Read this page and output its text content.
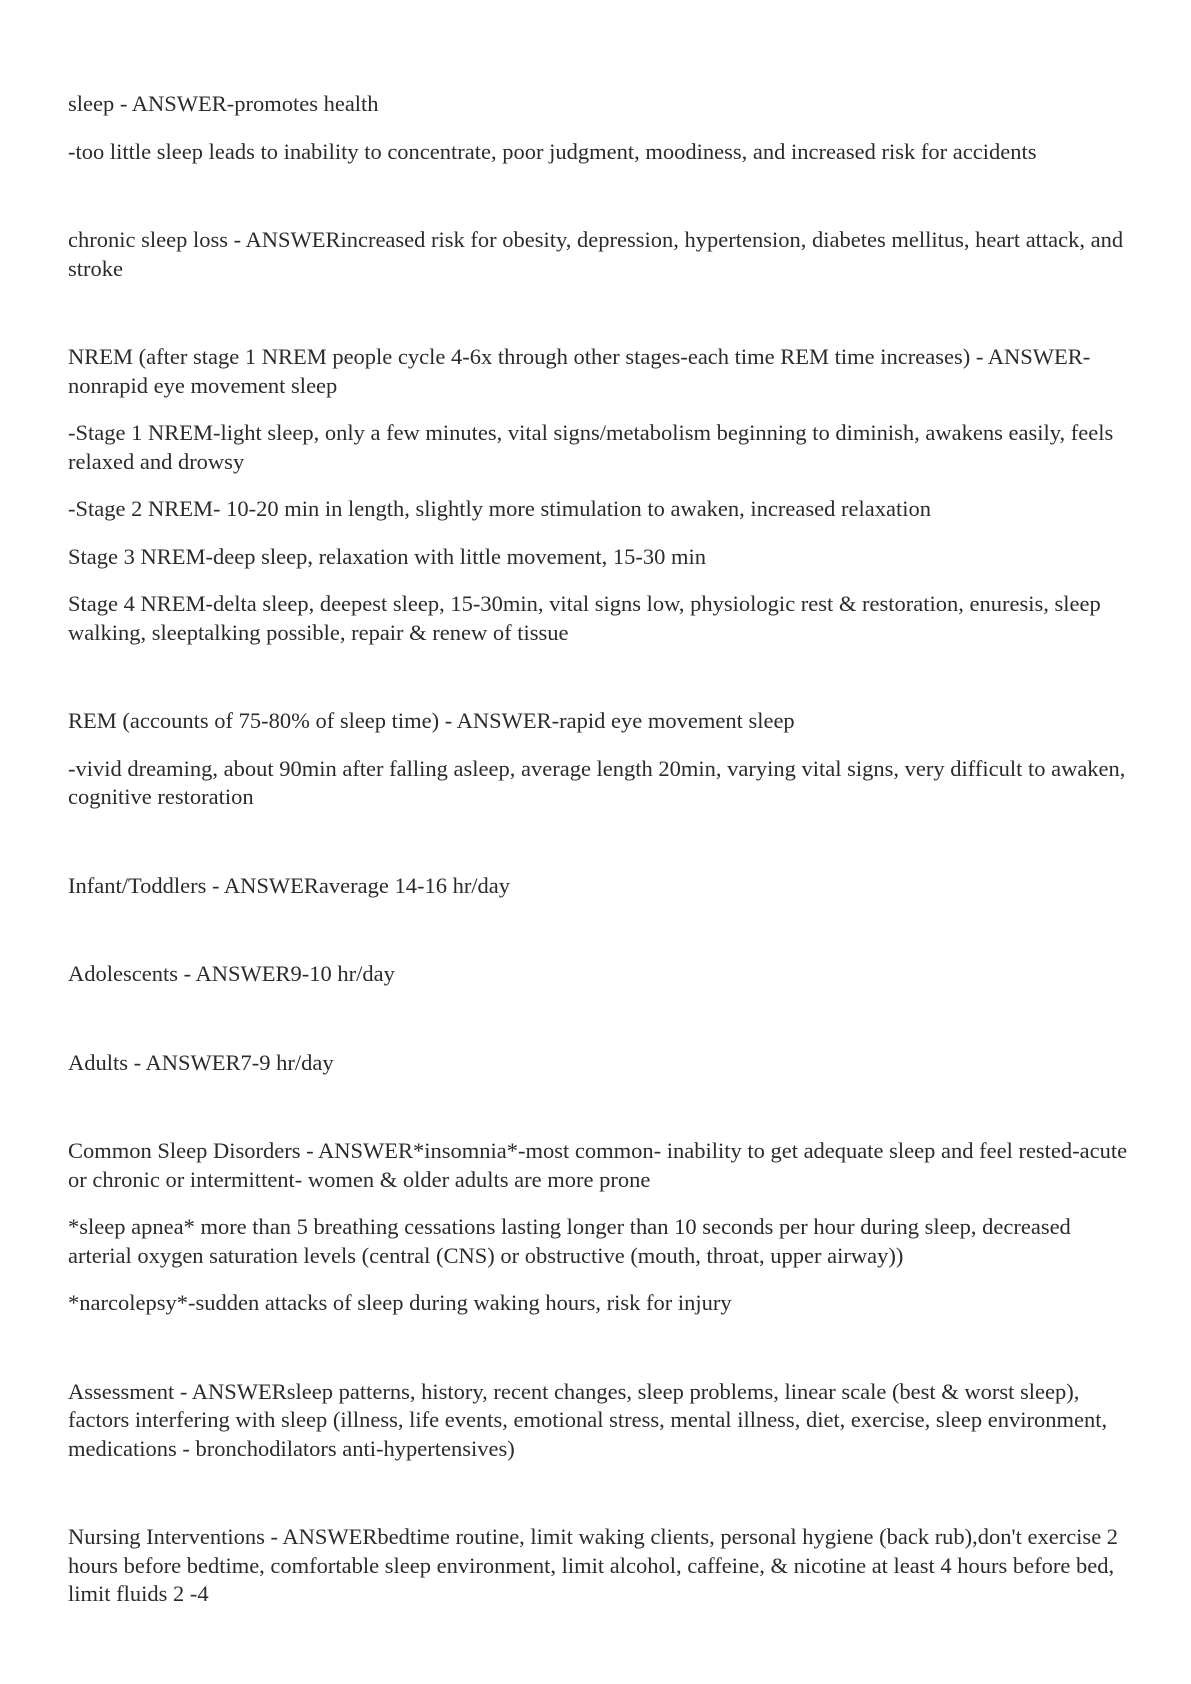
sleep - ANSWER-promotes health

-too little sleep leads to inability to concentrate, poor judgment, moodiness, and increased risk for accidents

chronic sleep loss - ANSWERincreased risk for obesity, depression, hypertension, diabetes mellitus, heart attack, and stroke

NREM (after stage 1 NREM people cycle 4-6x through other stages-each time REM time increases) - ANSWER-nonrapid eye movement sleep

-Stage 1 NREM-light sleep, only a few minutes, vital signs/metabolism beginning to diminish, awakens easily, feels relaxed and drowsy

-Stage 2 NREM- 10-20 min in length, slightly more stimulation to awaken, increased relaxation

Stage 3 NREM-deep sleep, relaxation with little movement, 15-30 min

Stage 4 NREM-delta sleep, deepest sleep, 15-30min, vital signs low, physiologic rest & restoration, enuresis, sleep walking, sleeptalking possible, repair & renew of tissue

REM (accounts of 75-80% of sleep time) - ANSWER-rapid eye movement sleep

-vivid dreaming, about 90min after falling asleep, average length 20min, varying vital signs, very difficult to awaken, cognitive restoration

Infant/Toddlers - ANSWERaverage 14-16 hr/day

Adolescents - ANSWER9-10 hr/day

Adults - ANSWER7-9 hr/day

Common Sleep Disorders - ANSWER*insomnia*-most common- inability to get adequate sleep and feel rested-acute or chronic or intermittent- women & older adults are more prone

*sleep apnea* more than 5 breathing cessations lasting longer than 10 seconds per hour during sleep, decreased arterial oxygen saturation levels (central (CNS) or obstructive (mouth, throat, upper airway))

*narcolepsy*-sudden attacks of sleep during waking hours, risk for injury

Assessment - ANSWERsleep patterns, history, recent changes, sleep problems, linear scale (best & worst sleep), factors interfering with sleep (illness, life events, emotional stress, mental illness, diet, exercise, sleep environment, medications - bronchodilators anti-hypertensives)

Nursing Interventions - ANSWERbedtime routine, limit waking clients, personal hygiene (back rub),don't exercise 2 hours before bedtime, comfortable sleep environment, limit alcohol, caffeine, & nicotine at least 4 hours before bed, limit fluids 2 -4
